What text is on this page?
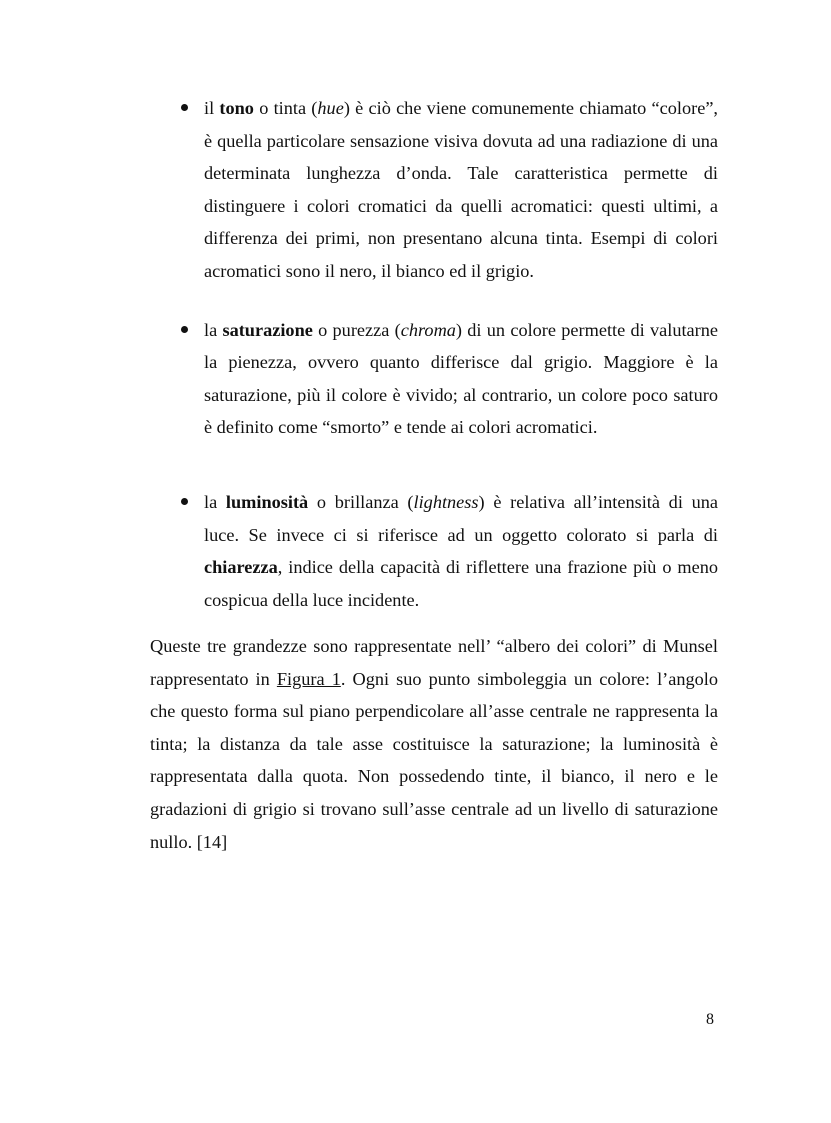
il tono o tinta (hue) è ciò che viene comunemente chiamato “colore”, è quella particolare sensazione visiva dovuta ad una radiazione di una determinata lunghezza d’onda. Tale caratteristica permette di distinguere i colori cromatici da quelli acromatici: questi ultimi, a differenza dei primi, non presentano alcuna tinta. Esempi di colori acromatici sono il nero, il bianco ed il grigio.
la saturazione o purezza (chroma) di un colore permette di valutarne la pienezza, ovvero quanto differisce dal grigio. Maggiore è la saturazione, più il colore è vivido; al contrario, un colore poco saturo è definito come “smorto” e tende ai colori acromatici.
la luminosità o brillanza (lightness) è relativa all’intensità di una luce. Se invece ci si riferisce ad un oggetto colorato si parla di chiarezza, indice della capacità di riflettere una frazione più o meno cospicua della luce incidente.

Queste tre grandezze sono rappresentate nell’ “albero dei colori” di Munsel rappresentato in Figura 1. Ogni suo punto simboleggia un colore: l’angolo che questo forma sul piano perpendicolare all’asse centrale ne rappresenta la tinta; la distanza da tale asse costituisce la saturazione; la luminosità è rappresentata dalla quota. Non possedendo tinte, il bianco, il nero e le gradazioni di grigio si trovano sull’asse centrale ad un livello di saturazione nullo. [14]

8
